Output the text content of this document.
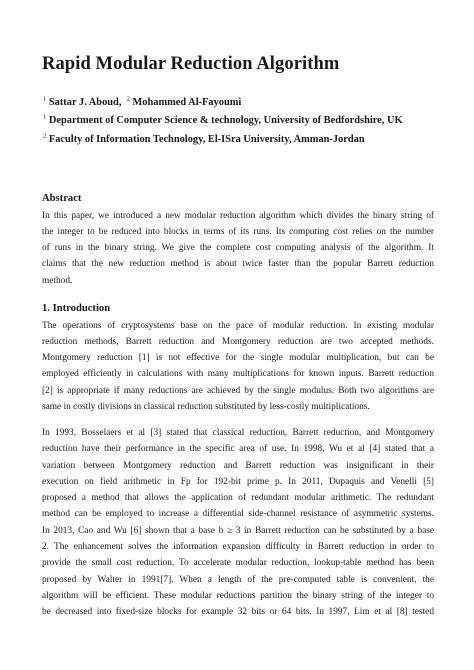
Rapid Modular Reduction Algorithm
$^1$ Sattar J. Aboud, $^2$ Mohammed Al-Fayoumi
$^1$ Department of Computer Science & technology, University of Bedfordshire, UK
$^2$ Faculty of Information Technology, El-ISra University, Amman-Jordan
Abstract
In this paper, we introduced a new modular reduction algorithm which divides the binary string of
the integer to be reduced into blocks in terms of its runs. Its computing cost relies on the number
of runs in the binary string. We give the complete cost computing analysis of the algorithm. It
claims that the new reduction method is about twice faster than the popular Barrett reduction
method.
1. Introduction
The operations of cryptosystems base on the pace of modular reduction. In existing modular
reduction methods, Barrett reduction and Montgomery reduction are two accepted methods.
Montgomery reduction [1] is not effective for the single modular multiplication, but can be
employed efficiently in calculations with many multiplications for known inputs. Barrett reduction
[2] is appropriate if many reductions are achieved by the single modulus. Both two algorithms are
same in costly divisions in classical reduction substituted by less-costly multiplications.
In 1993, Bosselaers et al [3] stated that classical reduction, Barrett reduction, and Montgomery
reduction have their performance in the specific area of use. In 1998, Wu et al [4] stated that a
variation between Montgomery reduction and Barrett reduction was insignificant in their
execution on field arithmetic in Fp for 192-bit prime p. In 2011, Dupaquis and Venelli [5]
proposed a method that allows the application of redundant modular arithmetic. The redundant
method can be employed to increase a differential side-channel resistance of asymmetric systems.
In 2013, Cao and Wu [6] shown that a base b ≥ 3 in Barrett reduction can be substituted by a base
2. The enhancement solves the information expansion difficulty in Barrett reduction in order to
provide the small cost reduction. To accelerate modular reduction, lookup-table method has been
proposed by Walter in 1991[7]. When a length of the pre-computed table is convenient, the
algorithm will be efficient. These modular reductions partition the binary string of the integer to
be decreased into fixed-size blocks for example 32 bits or 64 bits. In 1997, Lim et al [8] tested
